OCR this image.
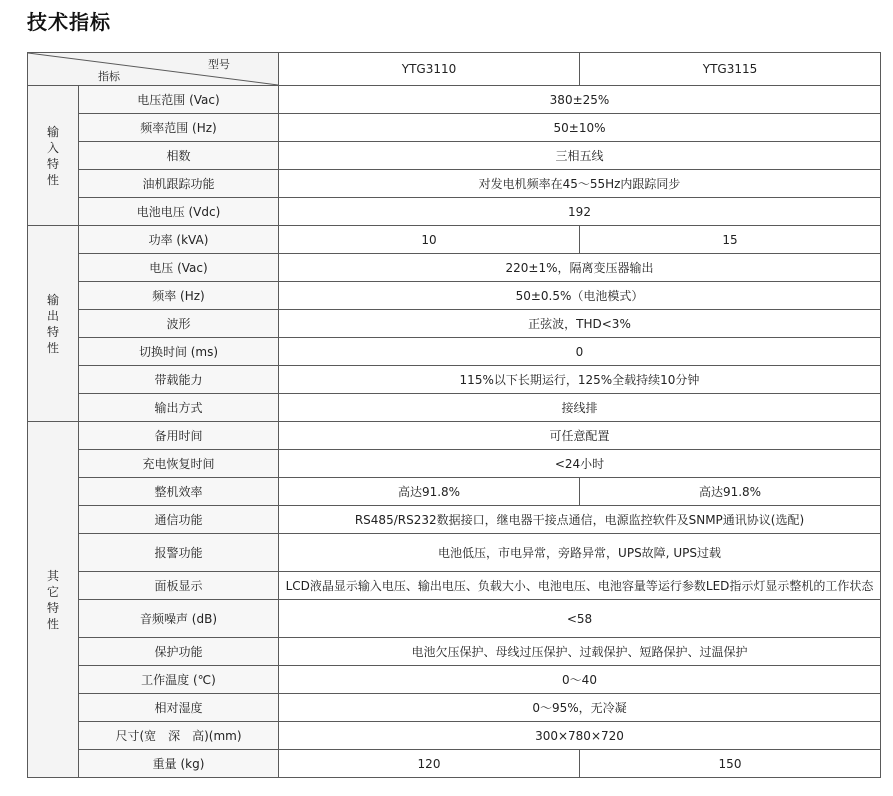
技术指标
型号
指标		YTG3110	YTG3115

输
入
特
性	电压范围 (Vac)	380±25%	
	频率范围 (Hz)	50±10%	
	相数	三相五线	
	油机跟踪功能	对发电机频率在45～55Hz内跟踪同步	
	电池电压 (Vdc)	192	

输
出
特
性	功率 (kVA)	10	15
	电压 (Vac)	220±1%，隔离变压器输出	
	频率 (Hz)	50±0.5%（电池模式）	
	波形	正弦波，THD<3%	
	切换时间 (ms)	0	
	带载能力	115%以下长期运行，125%全载持续10分钟	
	输出方式	接线排	

其
它
特
性	备用时间	可任意配置	
	充电恢复时间	<24小时	
	整机效率	高达91.8%	高达91.8%
	通信功能	RS485/RS232数据接口，继电器干接点通信，电源监控软件及SNMP通讯协议(选配)	
	报警功能	电池低压，市电异常，旁路异常，UPS故障, UPS过载	
	面板显示	LCD液晶显示输入电压、输出电压、负载大小、电池电压、电池容量等运行参数LED指示灯显示整机的工作状态	
	音频噪声 (dB)	<58	
	保护功能	电池欠压保护、母线过压保护、过载保护、短路保护、过温保护	
	工作温度 (℃)	0～40	
	相对湿度	0～95%，无冷凝	
	尺寸(宽　深　高)(mm)	300×780×720	
	重量 (kg)	120	150
